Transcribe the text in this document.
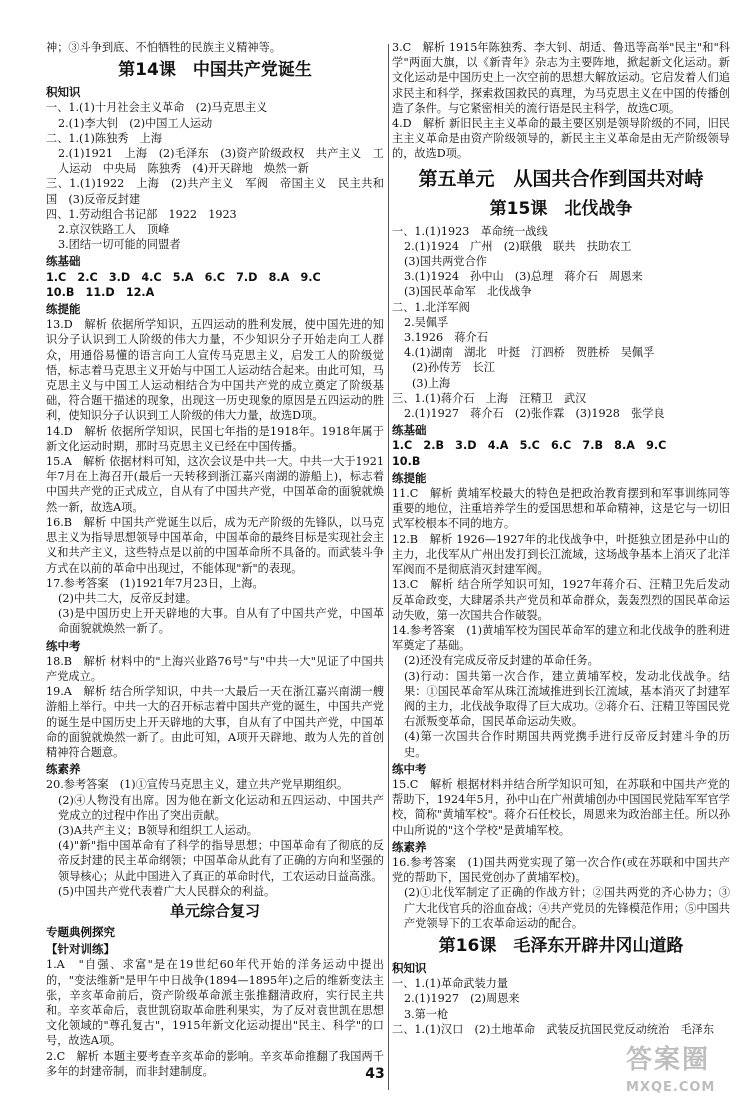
神；③斗争到底、不怕牺牲的民族主义精神等。

第14课　中国共产党诞生
积知识

一、1.(1)十月社会主义革命　(2)马克思主义

2.(1)李大钊　(2)中国工人运动

二、1.(1)陈独秀　上海

2.(1)1921　上海　(2)毛泽东　(3)资产阶级政权　共产主义　工人运动　中央局　陈独秀　(4)开天辟地　焕然一新

三、1.(1)1922　上海　(2)共产主义　军阀　帝国主义　民主共和国　(3)反帝反封建

四、1.劳动组合书记部　1922　1923

2.京汉铁路工人　顶峰

3.团结一切可能的同盟者

练基础

1.C　2.C　3.D　4.C　5.A　6.C　7.D　8.A　9.C

10.B　11.D　12.A

练提能

13.D　解析 依据所学知识，五四运动的胜利发展，使中国先进的知识分子认识到工人阶级的伟大力量，不少知识分子开始走向工人群众，用通俗易懂的语言向工人宣传马克思主义，启发工人的阶级觉悟，标志着马克思主义开始与中国工人运动结合起来。由此可知，马克思主义与中国工人运动相结合为中国共产党的成立奠定了阶级基础，符合题干描述的现象，出现这一历史现象的原因是五四运动的胜利，使知识分子认识到工人阶级的伟大力量，故选D项。

14.D　解析 依据所学知识，民国七年指的是1918年。1918年属于新文化运动时期，那时马克思主义已经在中国传播。

15.A　解析 依据材料可知，这次会议是中共一大。中共一大于1921年7月在上海召开(最后一天转移到浙江嘉兴南湖的游船上)，标志着中国共产党的正式成立，自从有了中国共产党，中国革命的面貌就焕然一新，故选A项。

16.B　解析 中国共产党诞生以后，成为无产阶级的先锋队，以马克思主义为指导思想领导中国革命，中国革命的最终目标是实现社会主义和共产主义，这些特点是以前的中国革命所不具备的。而武装斗争方式在以前的革命中出现过，不能体现"新"的表现。

17.参考答案　(1)1921年7月23日，上海。

(2)中共二大，反帝反封建。

(3)是中国历史上开天辟地的大事。自从有了中国共产党，中国革命面貌就焕然一新了。

练中考

18.B　解析 材料中的"上海兴业路76号"与"中共一大"见证了中国共产党成立。

19.A　解析 结合所学知识，中共一大最后一天在浙江嘉兴南湖一艘游船上举行。中共一大的召开标志着中国共产党的诞生，中国共产党的诞生是中国历史上开天辟地的大事，自从有了中国共产党，中国革命的面貌就焕然一新了。由此可知，A项开天辟地、敢为人先的首创精神符合题意。

练素养

20.参考答案　(1)①宣传马克思主义，建立共产党早期组织。

(2)④人物没有出席。因为他在新文化运动和五四运动、中国共产党成立的过程中作出了突出贡献。

(3)A共产主义；B领导和组织工人运动。

(4)"新"指中国革命有了科学的指导思想；中国革命有了彻底的反帝反封建的民主革命纲领；中国革命从此有了正确的方向和坚强的领导核心；从此中国进入了真正的革命时代，工农运动日益高涨。

(5)中国共产党代表着广大人民群众的利益。

单元综合复习
专题典例探究
【针对训练】

1.A　"自强、求富"是在19世纪60年代开始的洋务运动中提出的，"变法维新"是甲午中日战争(1894—1895年)之后的维新变法主张，辛亥革命前后，资产阶级革命派主张推翻清政府，实行民主共和。辛亥革命后，袁世凯窃取革命胜利果实，为了反对袁世凯在思想文化领域的"尊孔复古"，1915年新文化运动提出"民主、科学"的口号，故选A项。

2.C　解析 本题主要考查辛亥革命的影响。辛亥革命推翻了我国两千多年的封建帝制，而非封建制度。

3.C　解析 1915年陈独秀、李大钊、胡适、鲁迅等高举"民主"和"科学"两面大旗，以《新青年》杂志为主要阵地，掀起新文化运动。新文化运动是中国历史上一次空前的思想大解放运动。它启发着人们追求民主和科学，探索救国救民的真理，为马克思主义在中国的传播创造了条件。与它紧密相关的流行语是民主科学，故选C项。

4.D　解析 新旧民主主义革命的最主要区别是领导阶级的不同，旧民主主义革命是由资产阶级领导的，新民主主义革命是由无产阶级领导的，故选D项。

第五单元　从国共合作到国共对峙
第15课　北伐战争

一、1.(1)1923　革命统一战线

2.(1)1924　广州　(2)联俄　联共　扶助农工

(3)国共两党合作

3.(1)1924　孙中山　(3)总理　蒋介石　周恩来

(3)国民革命军　北伐战争

二、1.北洋军阀

2.吴佩孚

3.1926　蒋介石

4.(1)湖南　湖北　叶挺　汀泗桥　贺胜桥　吴佩孚

(2)孙传芳　长江

(3)上海

三、1.(1)蒋介石　上海　汪精卫　武汉

2.(1)1927　蒋介石　(2)张作霖　(3)1928　张学良

练基础

1.C　2.B　3.D　4.A　5.C　6.C　7.B　8.A　9.C

10.B

练提能

11.C　解析 黄埔军校最大的特色是把政治教育摆到和军事训练同等重要的地位，注重培养学生的爱国思想和革命精神，这是它与一切旧式军校根本不同的地方。

12.B　解析 1926—1927年的北伐战争中，叶挺独立团是孙中山的主力，北伐军从广州出发打到长江流域，这场战争基本上消灭了北洋军阀而不是彻底消灭封建军阀。

13.C　解析 结合所学知识可知，1927年蒋介石、汪精卫先后发动反革命政变，大肆屠杀共产党员和革命群众，轰轰烈烈的国民革命运动失败，第一次国共合作破裂。

14.参考答案　(1)黄埔军校为国民革命军的建立和北伐战争的胜利进军奠定了基础。

(2)还没有完成反帝反封建的革命任务。

(3)行动：国共第一次合作，建立黄埔军校，发动北伐战争。结果：①国民革命军从珠江流域推进到长江流域，基本消灭了封建军阀的主力，北伐战争取得了巨大成功。②蒋介石、汪精卫等国民党右派叛变革命，国民革命运动失败。

(4)第一次国共合作时期国共两党携手进行反帝反封建斗争的历史。

练中考

15.C　解析 根据材料并结合所学知识可知，在苏联和中国共产党的帮助下，1924年5月，孙中山在广州黄埔创办中国国民党陆军军官学校，简称"黄埔军校"。蒋介石任校长，周恩来为政治部主任。所以孙中山所说的"这个学校"是黄埔军校。

练素养

16.参考答案　(1)国共两党实现了第一次合作(或在苏联和中国共产党的帮助下，国民党创办了黄埔军校)。

(2)①北伐军制定了正确的作战方针；②国共两党的齐心协力；③广大北伐官兵的浴血奋战；④共产党员的先锋模范作用；⑤中国共产党领导下的工农革命运动的配合。

第16课　毛泽东开辟井冈山道路
积知识

一、1.(1)革命武装力量

2.(1)1927　(2)周恩来

3.第一枪

二、1.(1)汉口　(2)土地革命　武装反抗国民党反动统治　毛泽东

43	答案圈
MXQE.COM
